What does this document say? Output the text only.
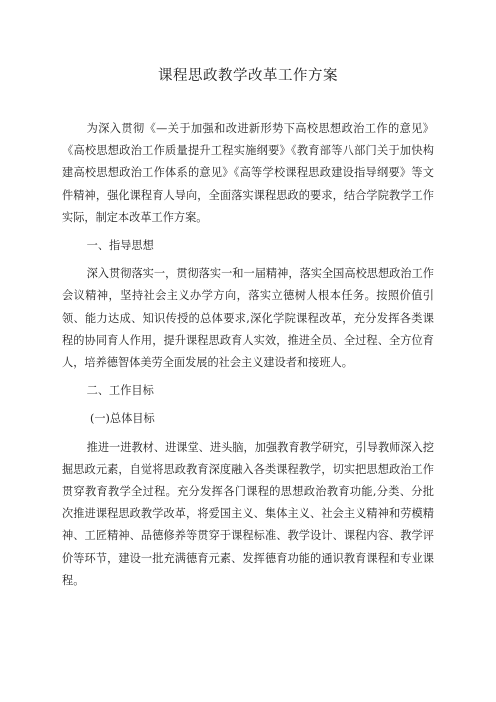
课程思政教学改革工作方案

为深入贯彻《—关于加强和改进新形势下高校思想政治工作的意见》《高校思想政治工作质量提升工程实施纲要》《教育部等八部门关于加快构建高校思想政治工作体系的意见》《高等学校课程思政建设指导纲要》等文件精神，强化课程育人导向，全面落实课程思政的要求，结合学院教学工作实际，制定本改革工作方案。

一、指导思想

深入贯彻落实一，贯彻落实一和一届精神，落实全国高校思想政治工作会议精神，坚持社会主义办学方向，落实立德树人根本任务。按照价值引领、能力达成、知识传授的总体要求,深化学院课程改革，充分发挥各类课程的协同育人作用，提升课程思政育人实效，推进全员、全过程、全方位育人，培养德智体美劳全面发展的社会主义建设者和接班人。

二、工作目标

(一)总体目标

推进一进教材、进课堂、进头脑，加强教育教学研究，引导教师深入挖掘思政元素，自觉将思政教育深度融入各类课程教学，切实把思想政治工作贯穿教育教学全过程。充分发挥各门课程的思想政治教育功能,分类、分批次推进课程思政教学改革，将爱国主义、集体主义、社会主义精神和劳模精神、工匠精神、品德修养等贯穿于课程标准、教学设计、课程内容、教学评价等环节，建设一批充满德育元素、发挥德育功能的通识教育课程和专业课程。
